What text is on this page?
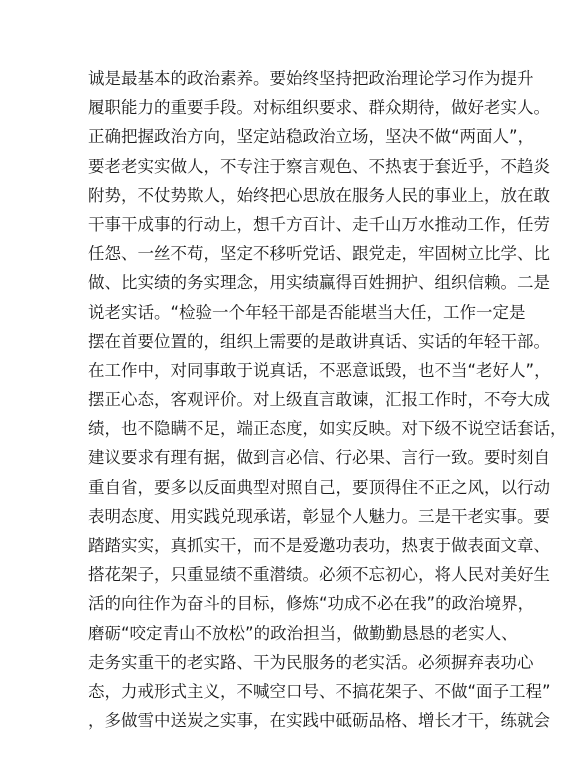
诚是最基本的政治素养。要始终坚持把政治理论学习作为提升
履职能力的重要手段。对标组织要求、群众期待，做好老实人。
正确把握政治方向，坚定站稳政治立场，坚决不做“两面人”，
要老老实实做人，不专注于察言观色、不热衷于套近乎，不趋炎
附势，不仗势欺人，始终把心思放在服务人民的事业上，放在敢
干事干成事的行动上，想千方百计、走千山万水推动工作，任劳
任怨、一丝不苟，坚定不移听党话、跟党走，牢固树立比学、比
做、比实绩的务实理念，用实绩赢得百姓拥护、组织信赖。二是
说老实话。“检验一个年轻干部是否能堪当大任，工作一定是
摆在首要位置的，组织上需要的是敢讲真话、实话的年轻干部。
在工作中，对同事敢于说真话，不恶意诋毁，也不当“老好人”，
摆正心态，客观评价。对上级直言敢谏，汇报工作时，不夸大成
绩，也不隐瞒不足，端正态度，如实反映。对下级不说空话套话，
建议要求有理有据，做到言必信、行必果、言行一致。要时刻自
重自省，要多以反面典型对照自己，要顶得住不正之风，以行动
表明态度、用实践兑现承诺，彰显个人魅力。三是干老实事。要
踏踏实实，真抓实干，而不是爱邀功表功，热衷于做表面文章、
搭花架子，只重显绩不重潜绩。必须不忘初心，将人民对美好生
活的向往作为奋斗的目标，修炼“功成不必在我”的政治境界，
磨砺“咬定青山不放松”的政治担当，做勤勤恳恳的老实人、
走务实重干的老实路、干为民服务的老实活。必须摒弃表功心
态，力戒形式主义，不喊空口号、不搞花架子、不做“面子工程”
，多做雪中送炭之实事，在实践中砥砺品格、增长才干，练就会
